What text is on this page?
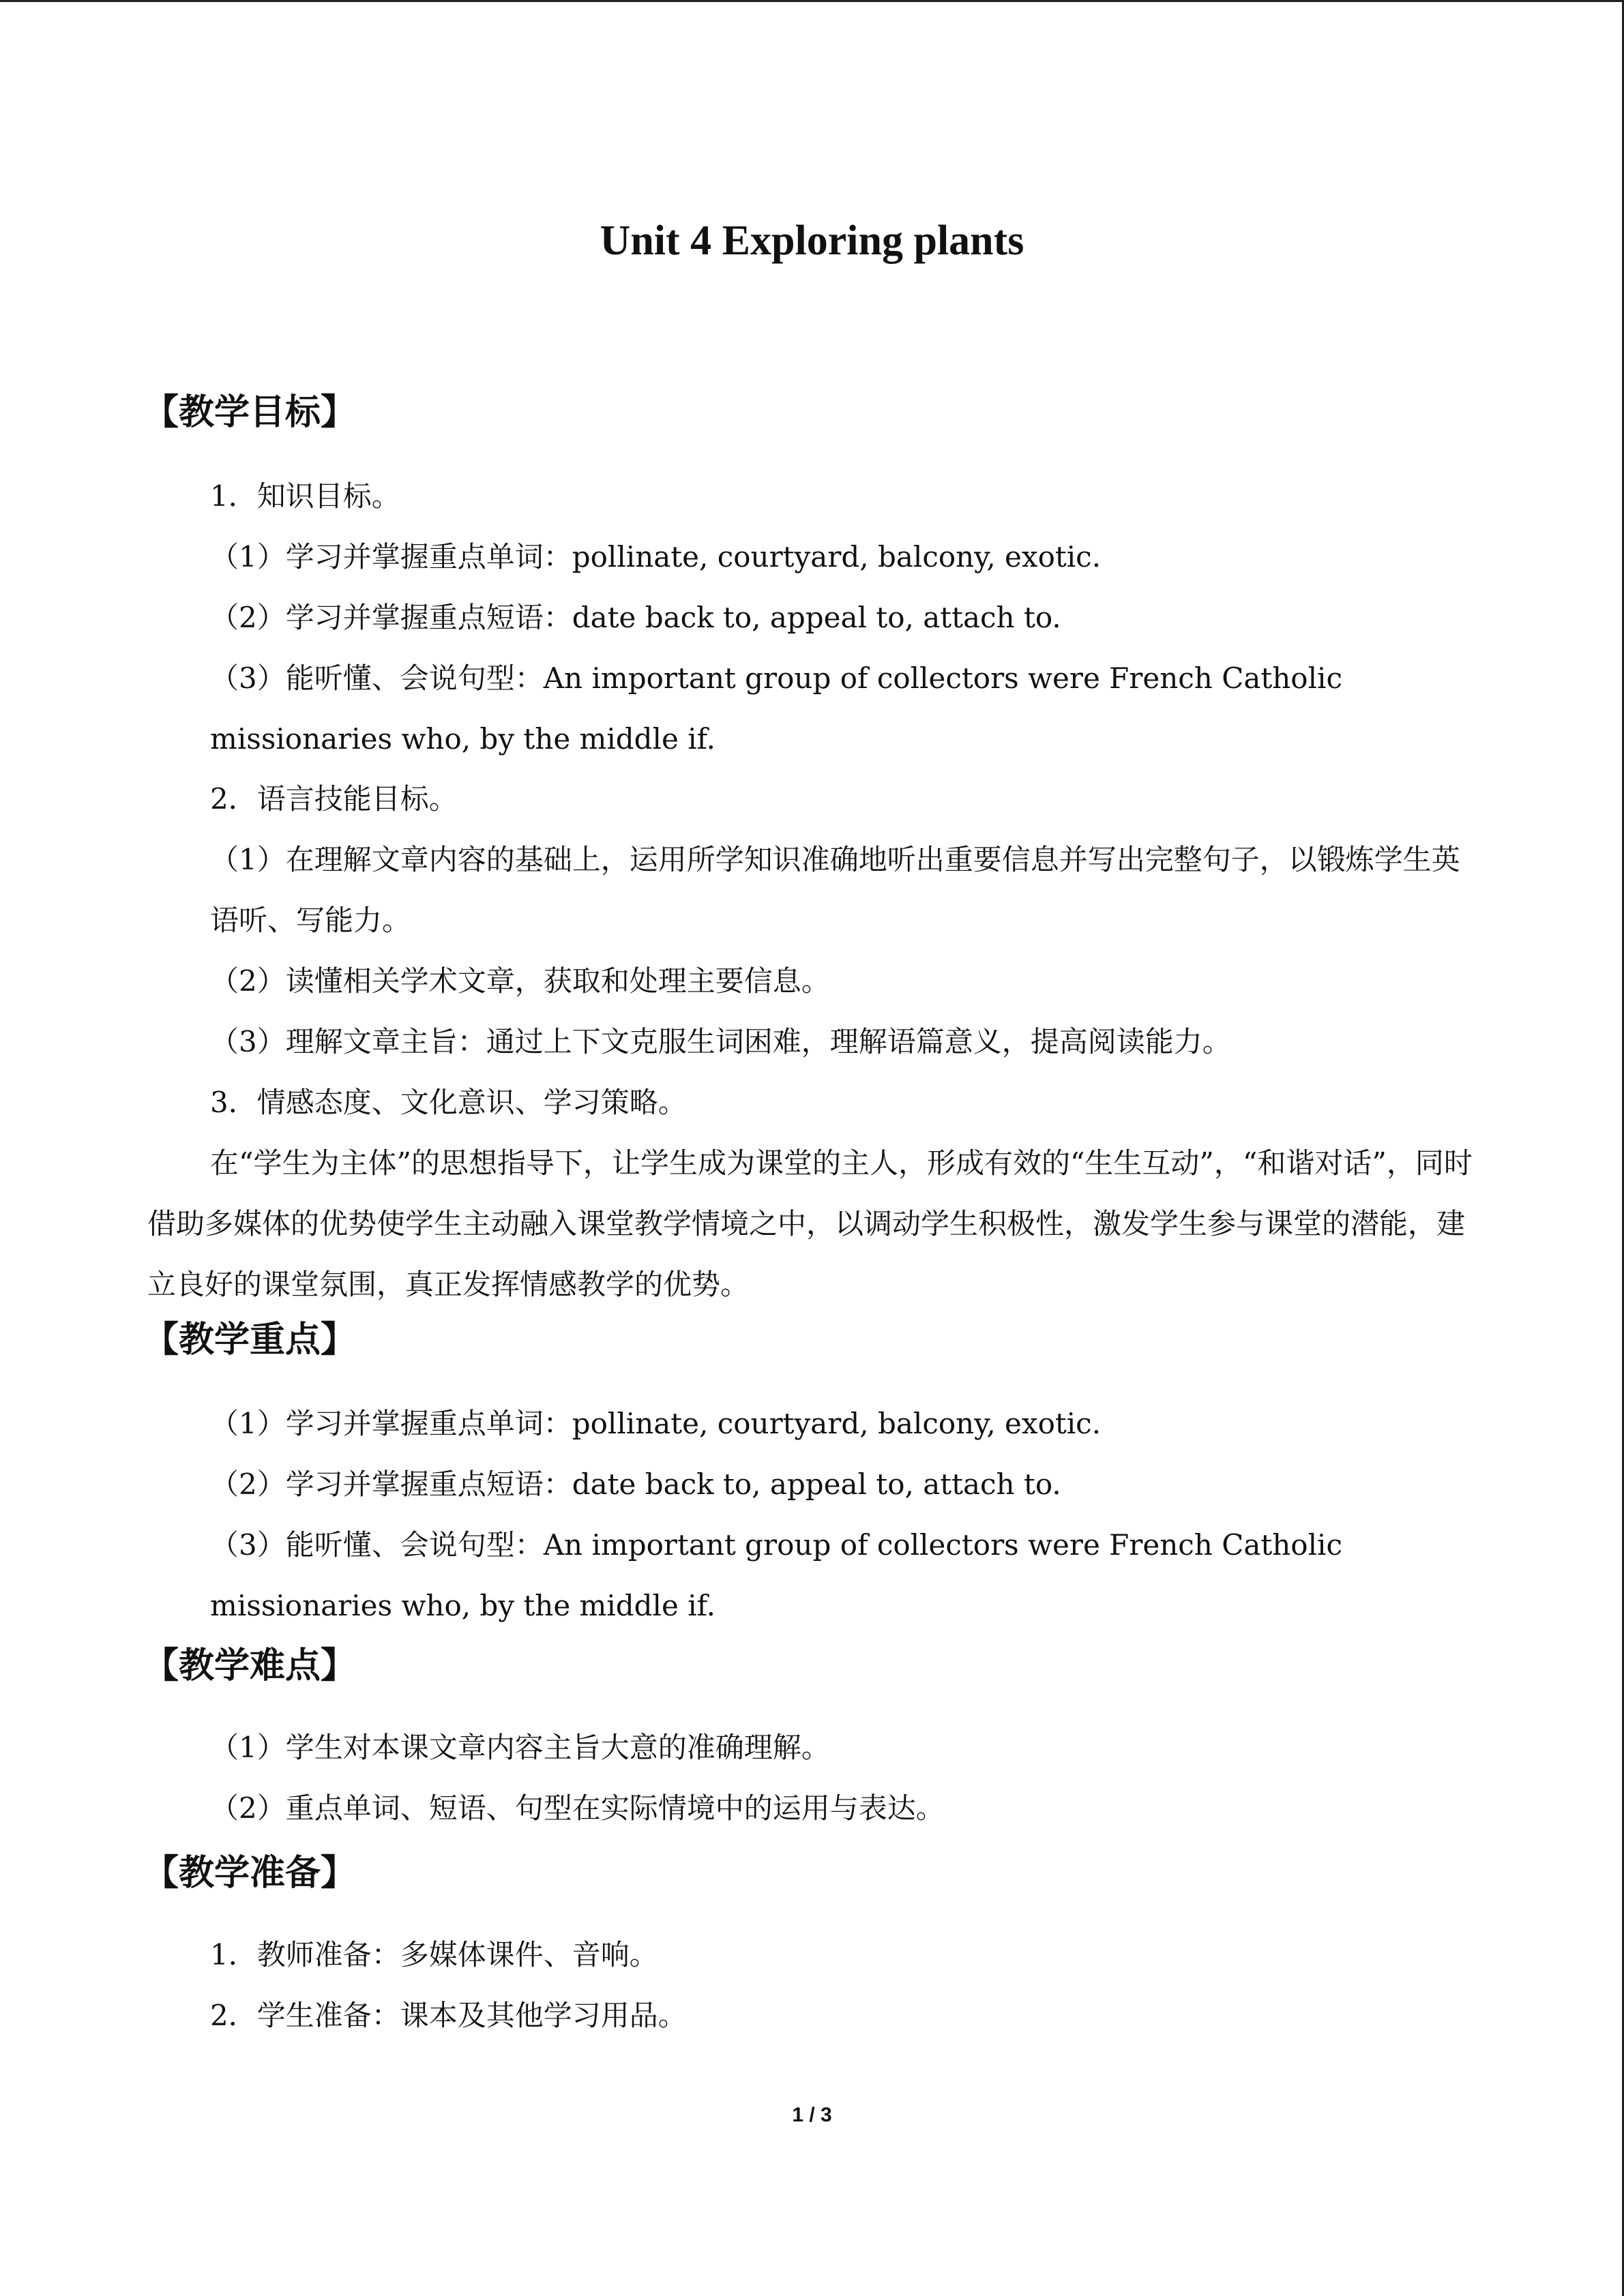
Unit 4 Exploring plants
【教学目标】
1．知识目标。
（1）学习并掌握重点单词：pollinate, courtyard, balcony, exotic.
（2）学习并掌握重点短语：date back to, appeal to, attach to.
（3）能听懂、会说句型：An important group of collectors were French Catholic missionaries who, by the middle if.
2．语言技能目标。
（1）在理解文章内容的基础上，运用所学知识准确地听出重要信息并写出完整句子，以锻炼学生英语听、写能力。
（2）读懂相关学术文章，获取和处理主要信息。
（3）理解文章主旨：通过上下文克服生词困难，理解语篇意义，提高阅读能力。
3．情感态度、文化意识、学习策略。
在“学生为主体”的思想指导下，让学生成为课堂的主人，形成有效的“生生互动”，“和谐对话”，同时借助多媒体的优势使学生主动融入课堂教学情境之中，以调动学生积极性，激发学生参与课堂的潜能，建立良好的课堂氛围，真正发挥情感教学的优势。
【教学重点】
（1）学习并掌握重点单词：pollinate, courtyard, balcony, exotic.
（2）学习并掌握重点短语：date back to, appeal to, attach to.
（3）能听懂、会说句型：An important group of collectors were French Catholic missionaries who, by the middle if.
【教学难点】
（1）学生对本课文章内容主旨大意的准确理解。
（2）重点单词、短语、句型在实际情境中的运用与表达。
【教学准备】
1．教师准备：多媒体课件、音响。
2．学生准备：课本及其他学习用品。
1 / 3
